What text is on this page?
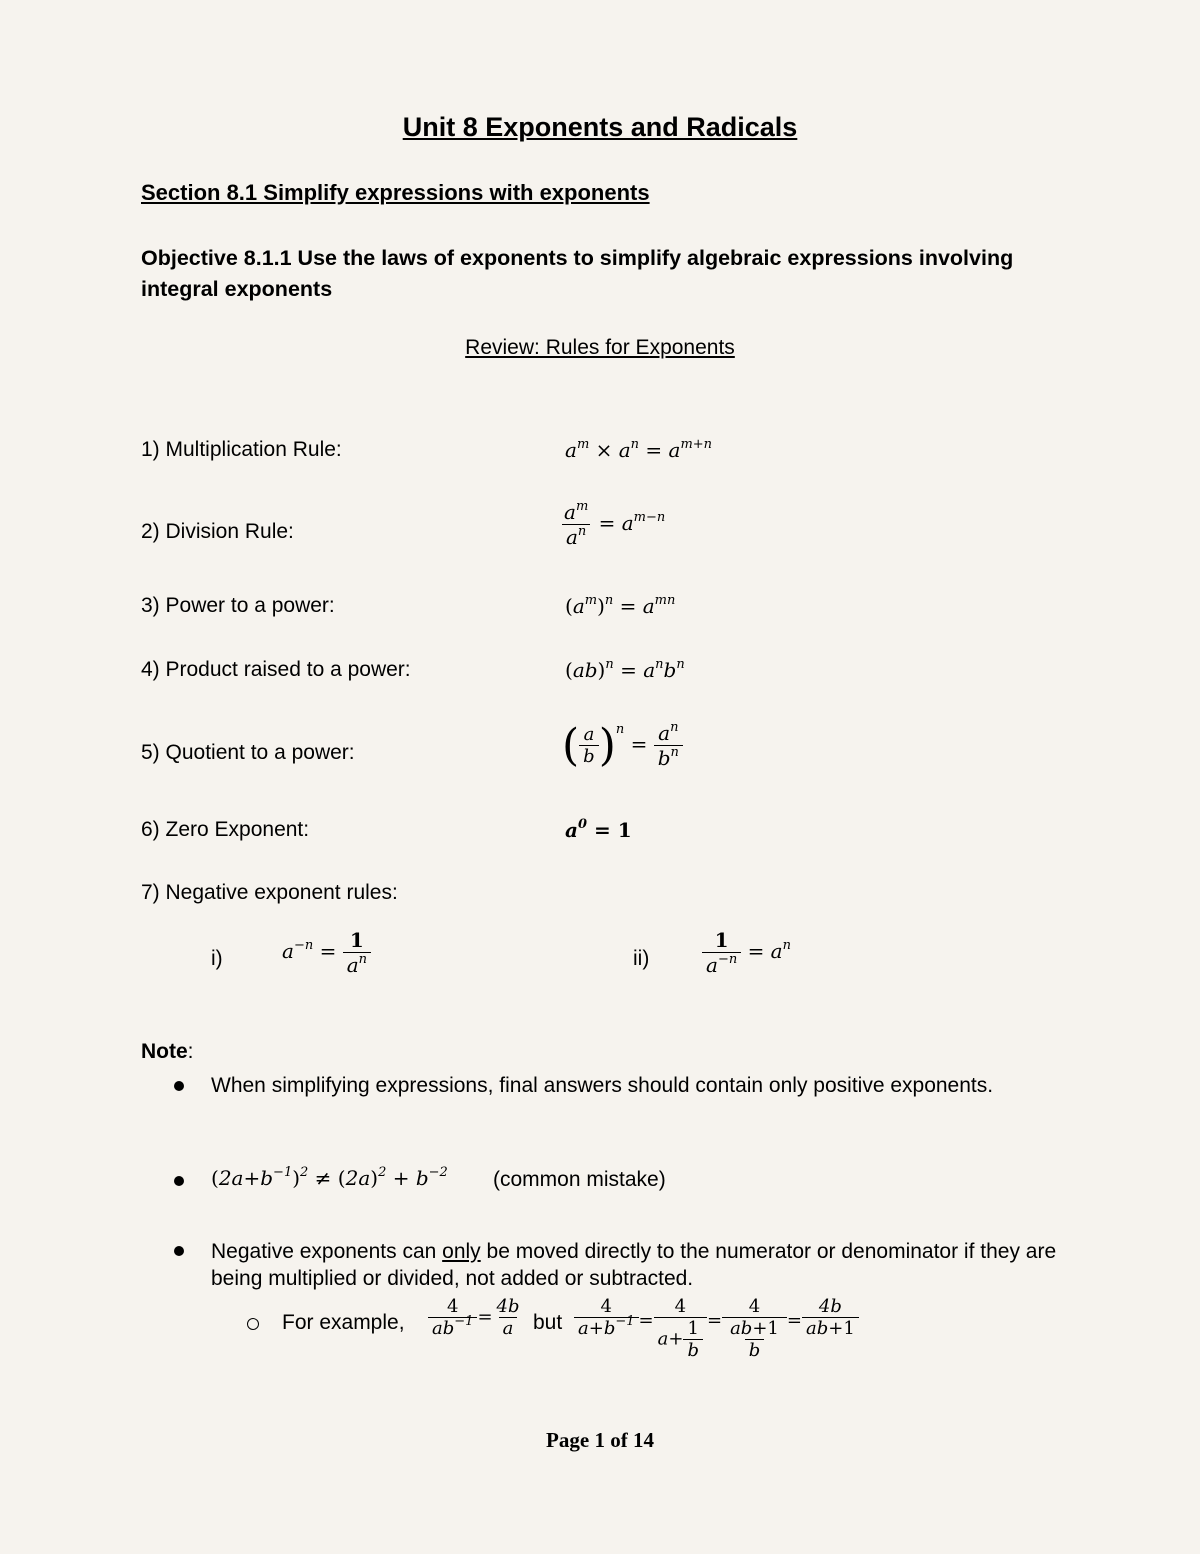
Unit 8 Exponents and Radicals
Section 8.1 Simplify expressions with exponents
Objective 8.1.1 Use the laws of exponents to simplify algebraic expressions involving integral exponents
Review: Rules for Exponents
1) Multiplication Rule:	$a^m \times a^n = a^{m+n}$
2) Division Rule:	$\frac{a^m}{a^n} = a^{m-n}$
3) Power to a power:	$(a^m)^n = a^{mn}$
4) Product raised to a power:	$(ab)^n = a^nb^n$
5) Quotient to a power:	( $\frac{a}{b} )^n = \frac{a^n}{b^n}$
6) Zero Exponent:	$a^0 = 1$
7) Negative exponent rules:
i)	$a^{-n} = \frac{1}{a^n}$	ii)	$\frac{1}{a^{-n}} = a^n$
Note:
When simplifying expressions, final answers should contain only positive exponents.
$(2a+b^{-1})^2 \ne (2a)^2 + b^{-2}$ (common mistake)
Negative exponents can only be moved directly to the numerator or denominator if they are being multiplied or divided, not added or subtracted.
For example, $\frac{4}{ab^{-1}} = \frac{4b}{a}$ but $\frac{4}{a+b^{-1}} = \frac{4}{a+ \frac{1}{b}} = \frac{4}{\frac{ab+1}{b}} = \frac{4b}{ab+1}$
Page 1 of 14
